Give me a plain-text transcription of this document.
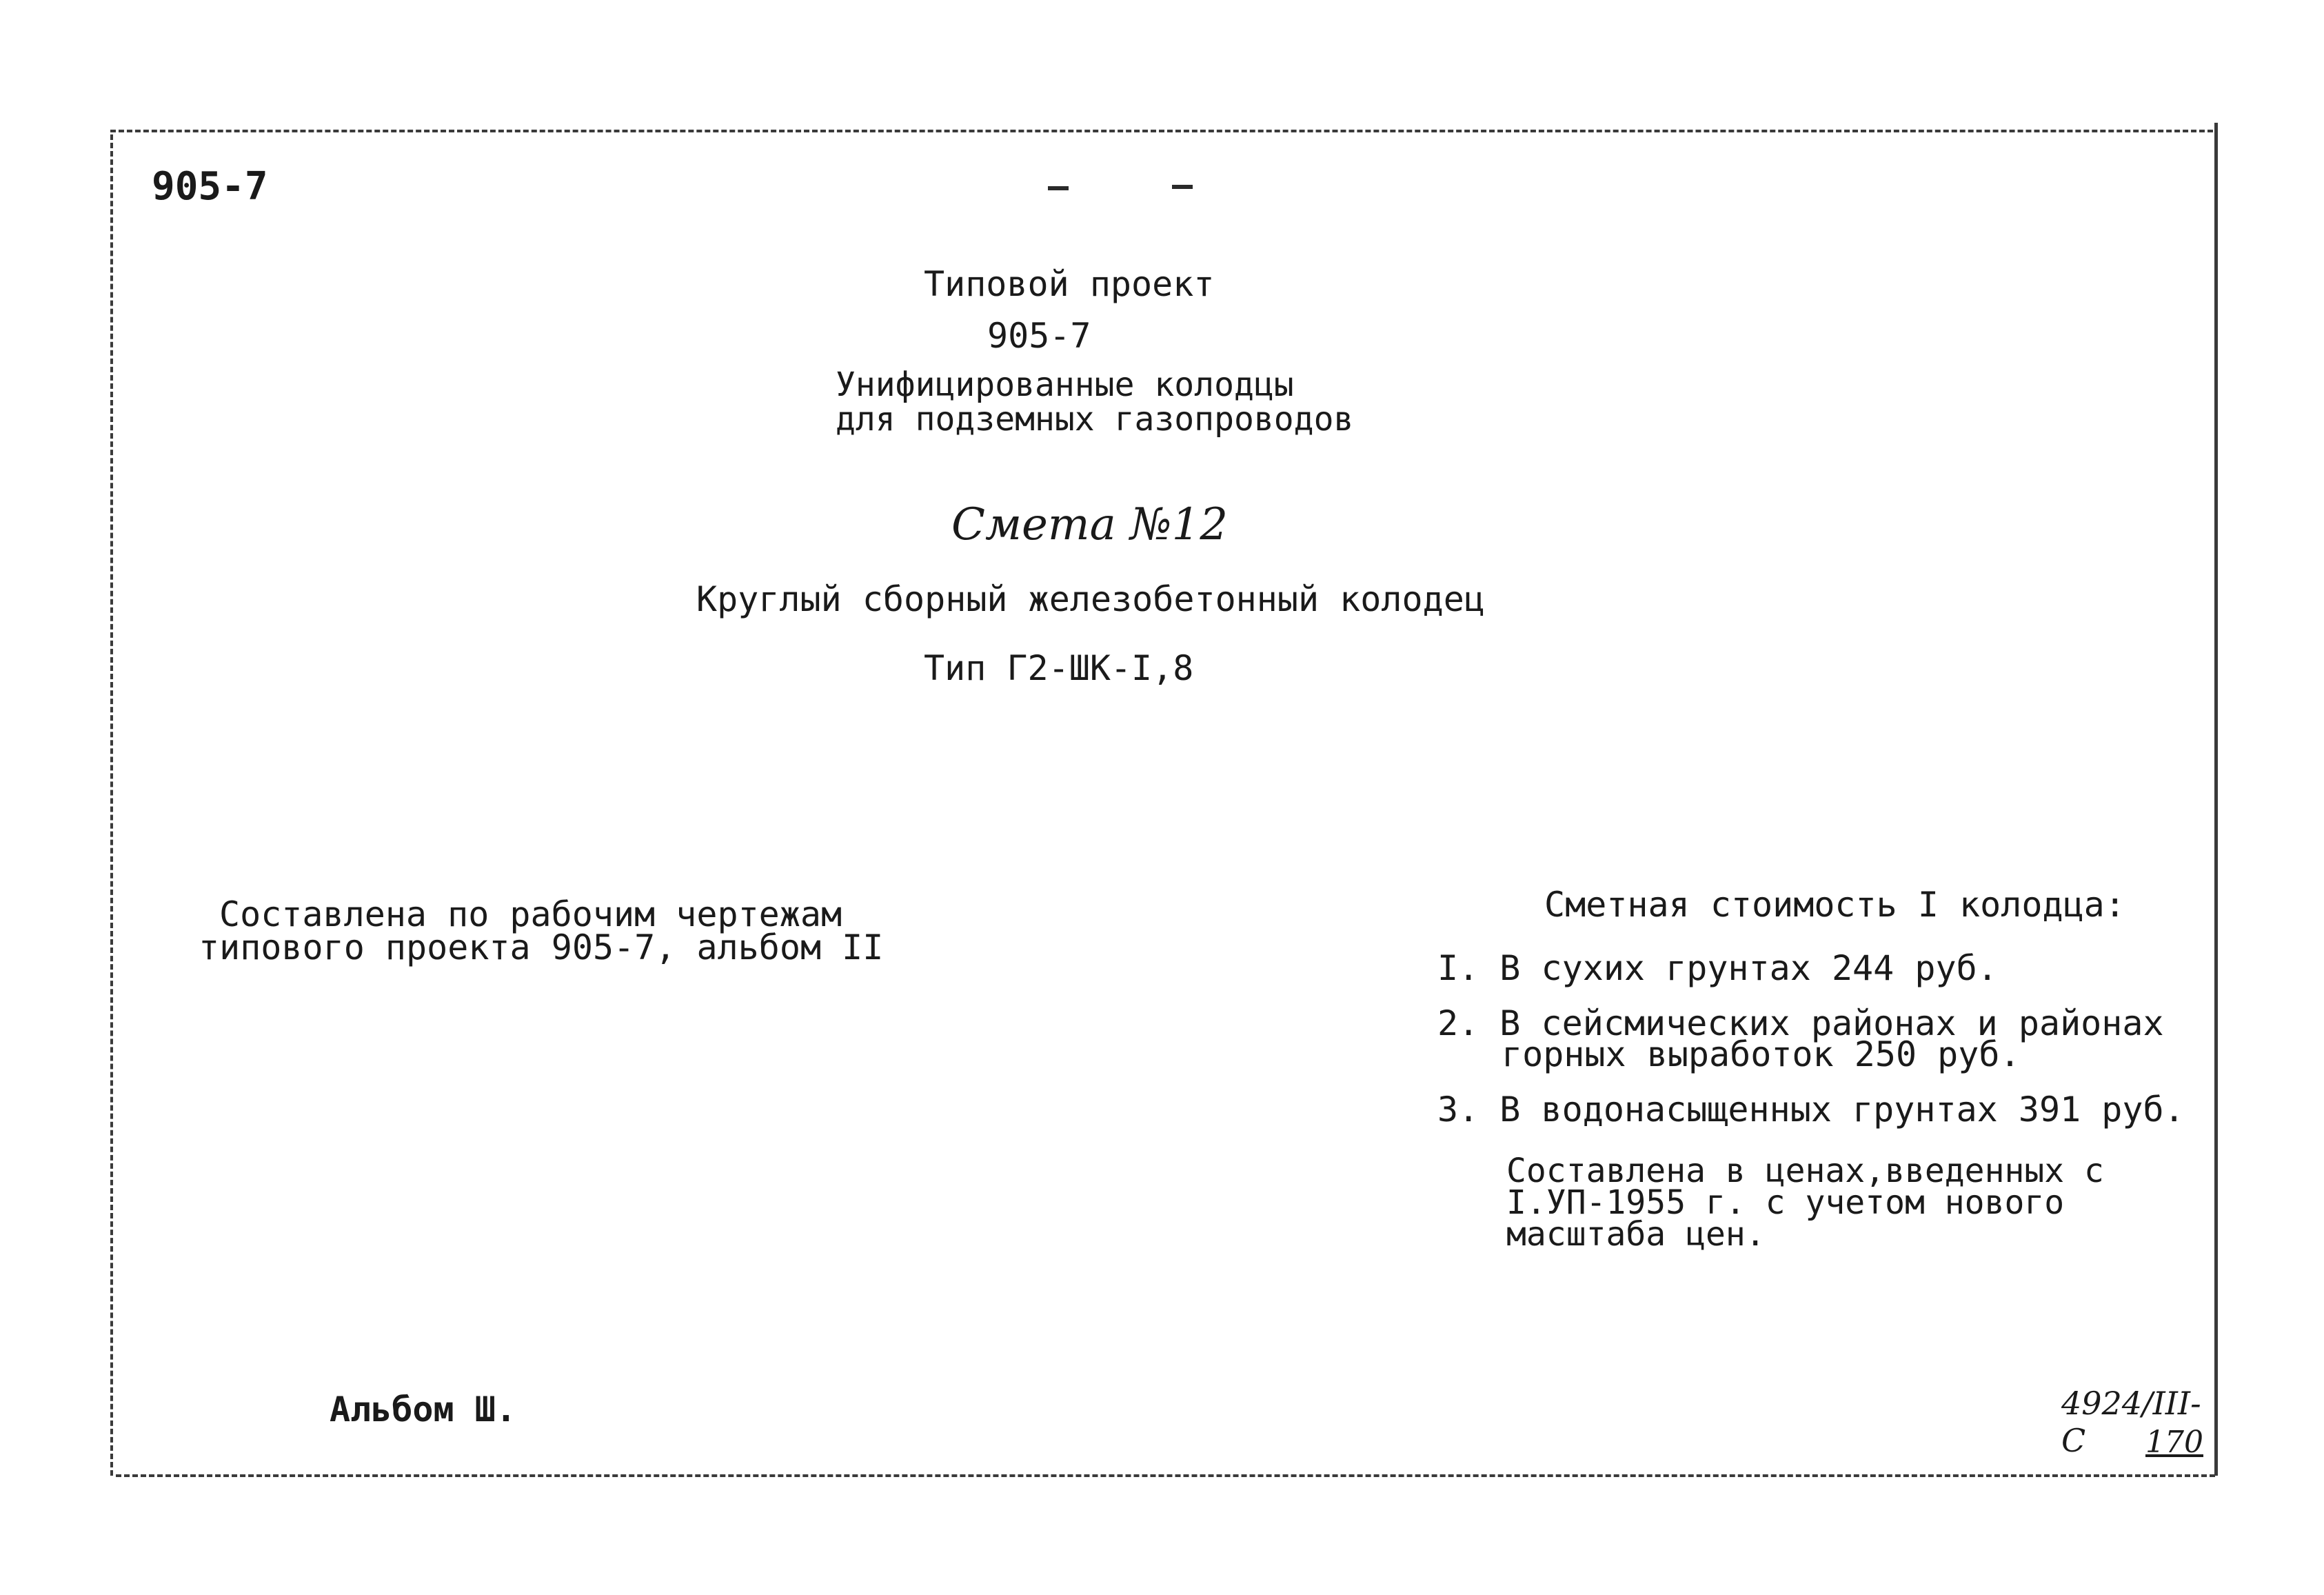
905-7
Типовой проект
905-7
Унифицированные колодцы
для подземных газопроводов
Смета №12
Круглый сборный железобетонный колодец
Тип Г2-ШК-I,8
Составлена по рабочим чертежам
типового проекта 905-7, альбом II
Сметная стоимость I колодца:
I. В сухих грунтах 244 руб.
2. В сейсмических районах и районах
горных выработок 250 руб.
3. В водонасыщенных грунтах 391 руб.
Составлена в ценах,введенных с
I.УП-1955 г. с учетом нового
масштаба цен.
Альбом Ш.	4924/III-С	170
